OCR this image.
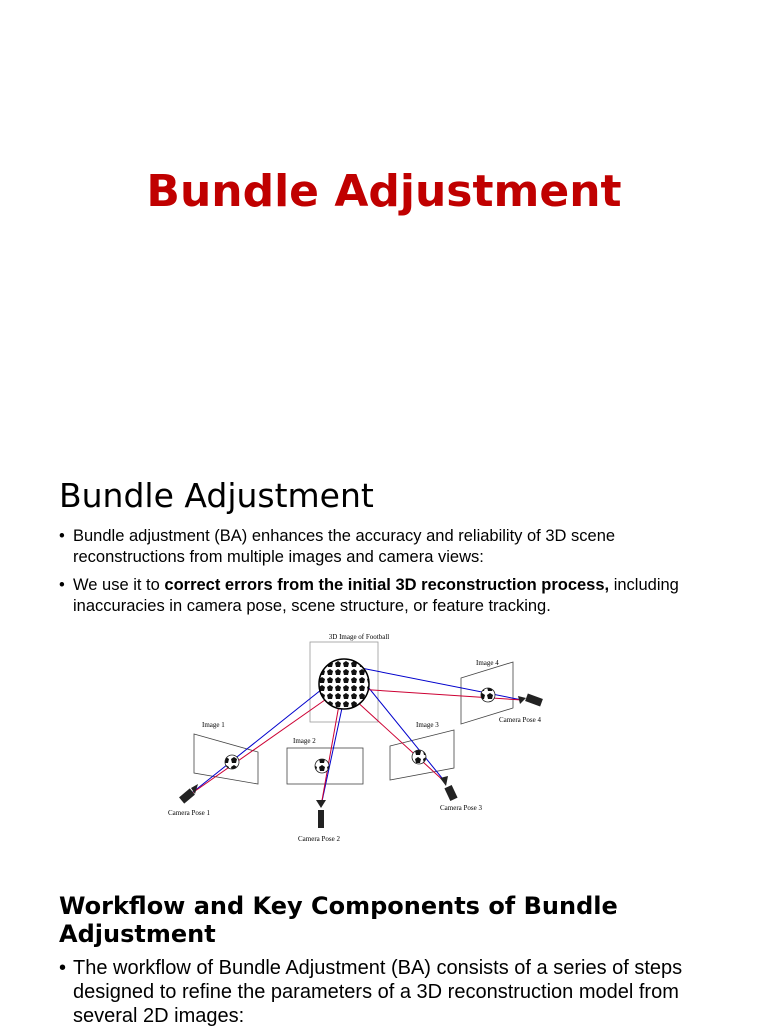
Bundle Adjustment
Bundle Adjustment
• Bundle adjustment (BA) enhances the accuracy and reliability of 3D scene reconstructions from multiple images and camera views:
• We use it to correct errors from the initial 3D reconstruction process, including inaccuracies in camera pose, scene structure, or feature tracking.
3D Image of Football
Image 1
Image 2
Image 3
Image 4
Camera Pose 1
Camera Pose 2
Camera Pose 3
Camera Pose 4
Workflow and Key Components of Bundle Adjustment
• The workflow of Bundle Adjustment (BA) consists of a series of steps designed to refine the parameters of a 3D reconstruction model from several 2D images:
